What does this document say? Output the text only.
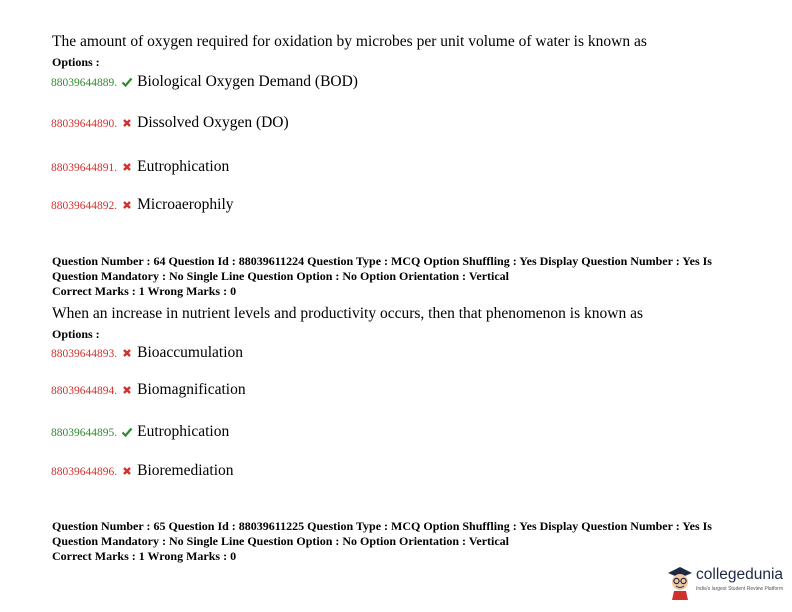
The amount of oxygen required for oxidation by microbes per unit volume of water is known as
Options :
88039644889. Biological Oxygen Demand (BOD)
88039644890. Dissolved Oxygen (DO)
88039644891. Eutrophication
88039644892. Microaerophily
Question Number : 64 Question Id : 88039611224 Question Type : MCQ Option Shuffling : Yes Display Question Number : Yes Is
Question Mandatory : No Single Line Question Option : No Option Orientation : Vertical
Correct Marks : 1 Wrong Marks : 0
When an increase in nutrient levels and productivity occurs, then that phenomenon is known as
Options :
88039644893. Bioaccumulation
88039644894. Biomagnification
88039644895. Eutrophication
88039644896. Bioremediation
Question Number : 65 Question Id : 88039611225 Question Type : MCQ Option Shuffling : Yes Display Question Number : Yes Is
Question Mandatory : No Single Line Question Option : No Option Orientation : Vertical
Correct Marks : 1 Wrong Marks : 0
collegedunia
India's largest Student Review Platform
